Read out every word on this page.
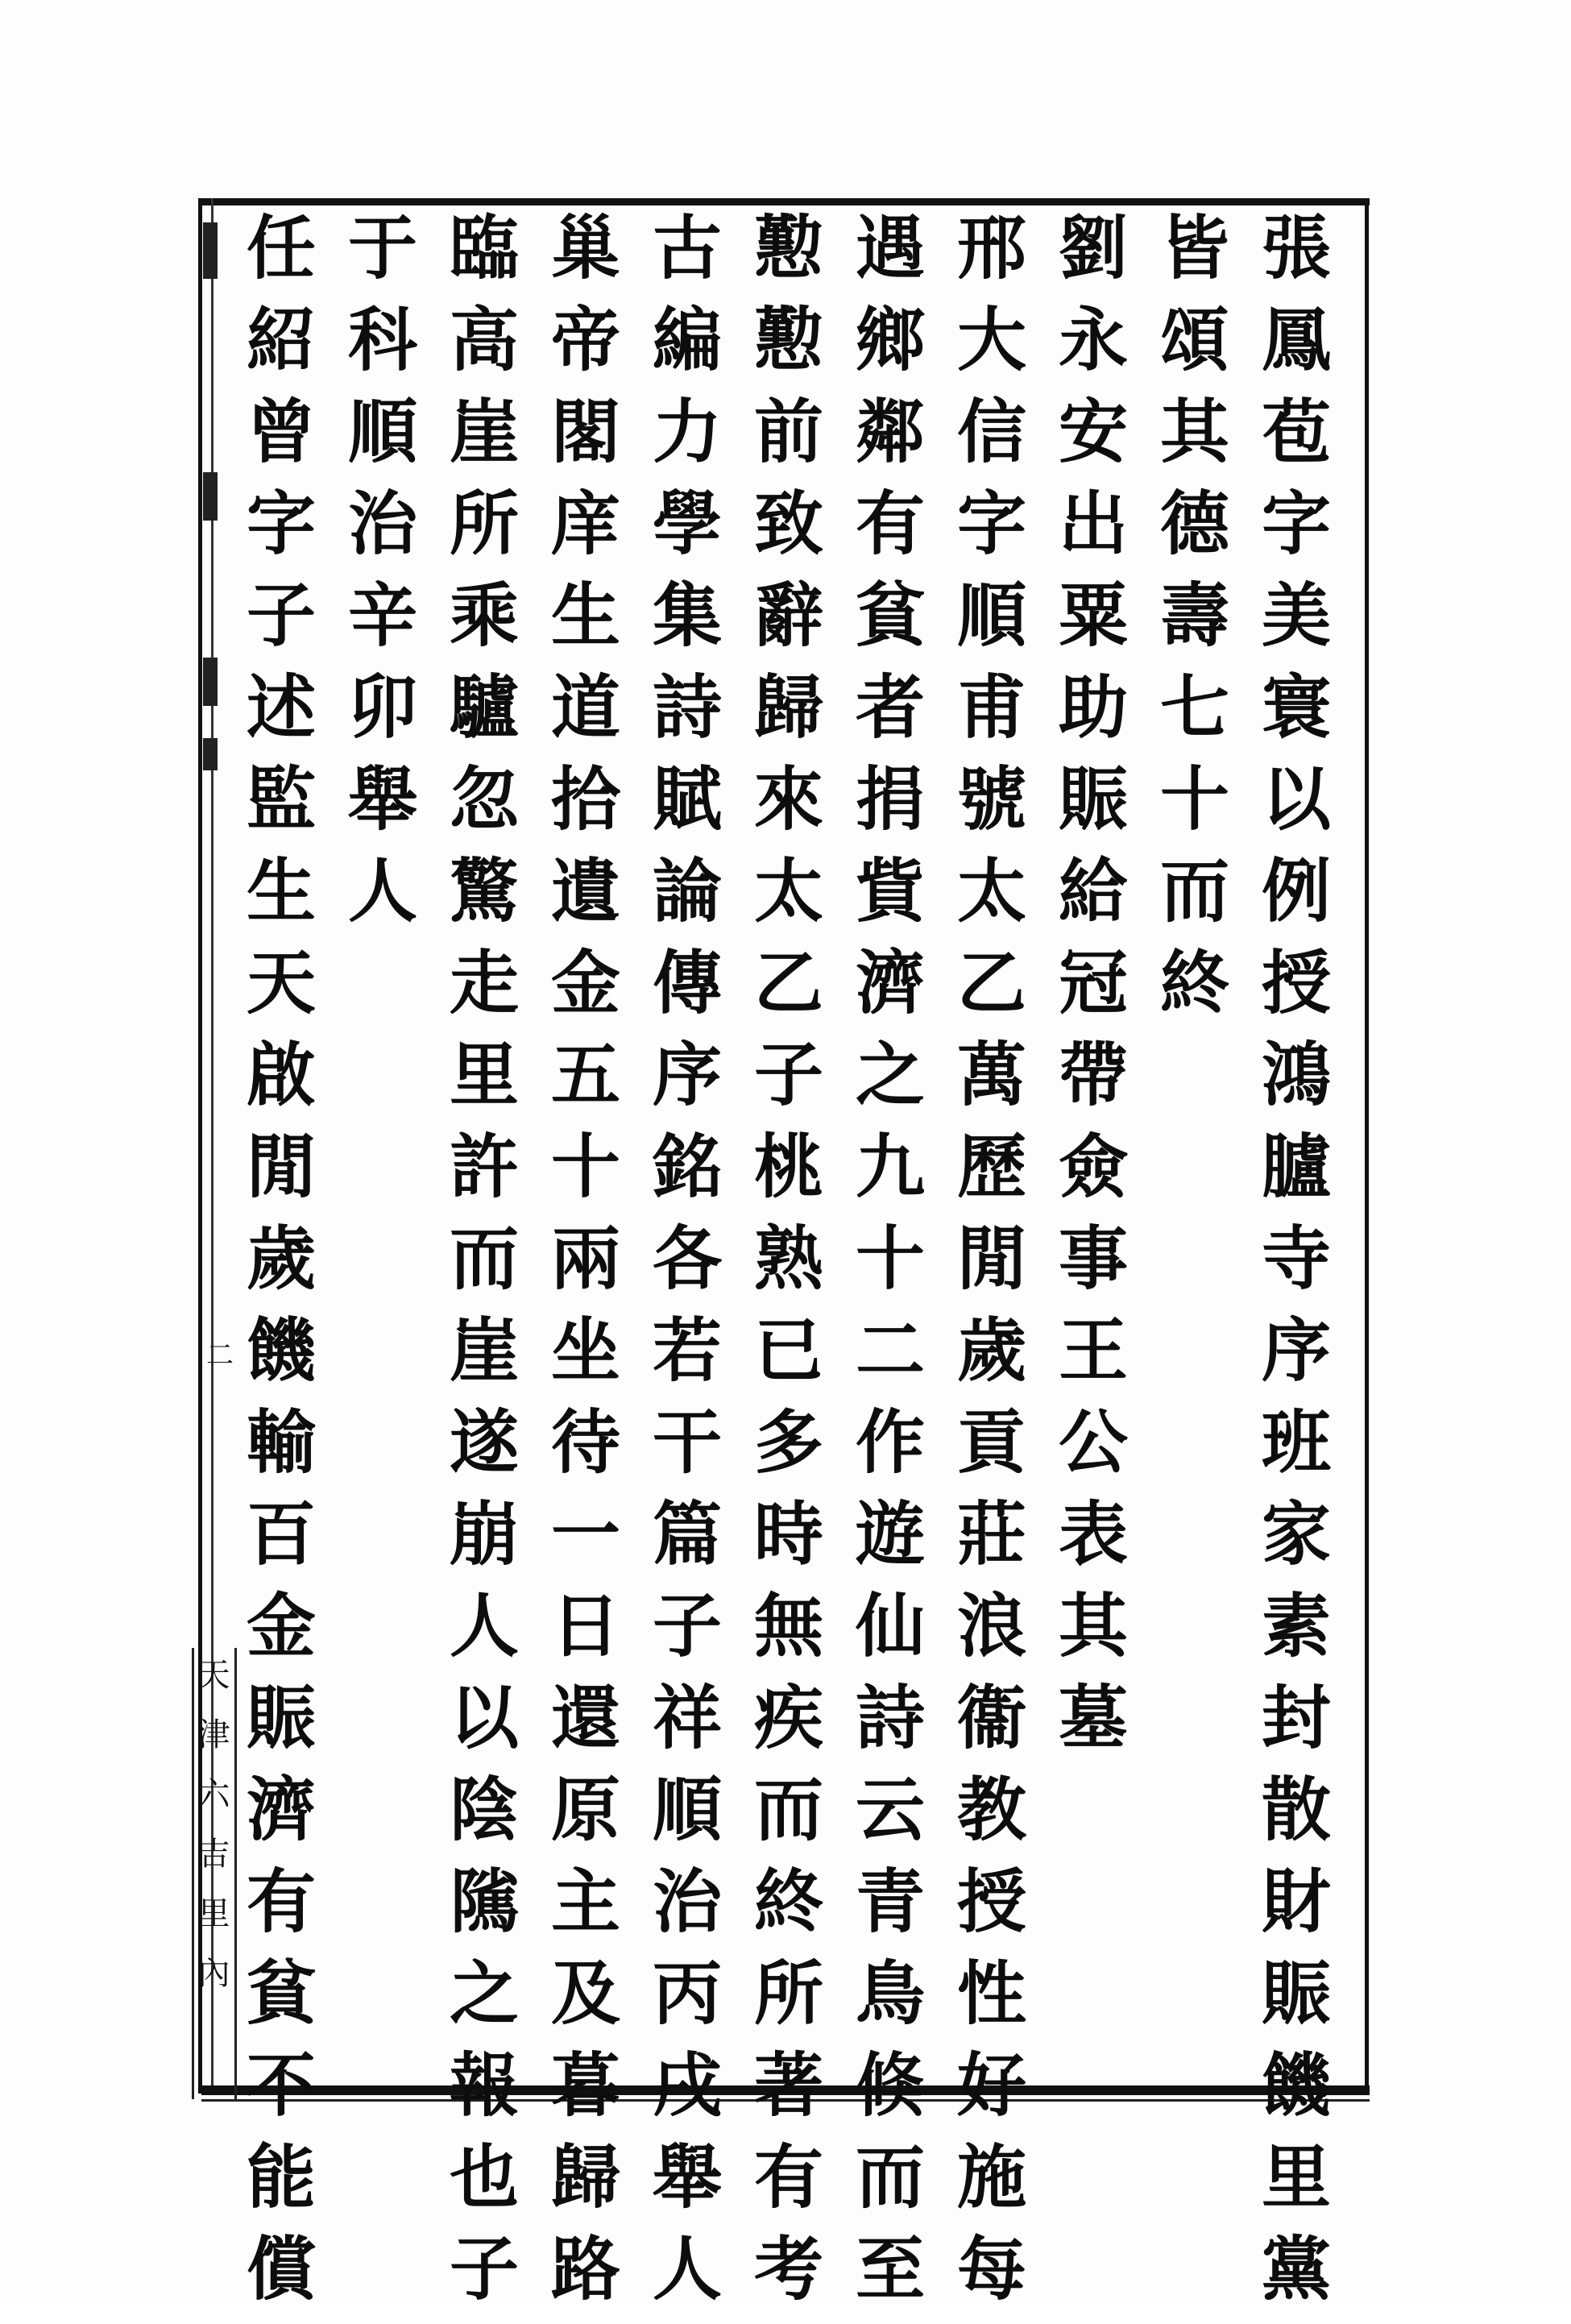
二
天津六吉里內	張鳳苞字美寰以例授鴻臚寺序班家素封散財賑饑里黨
皆頌其德壽七十而終
劉永安出粟助賑給冠帶僉事王公表其墓
邢大信字順甫號太乙萬歷閒歲貢莊浪衞教授性好施每
遇鄉鄰有貧者捐貲濟之九十二作遊仙詩云青鳥倏而至
懃懃前致辭歸來太乙子桃熟已多時無疾而終所著有考
古編力學集詩賦論傳序銘各若干篇子祥順治丙戌舉人
巢帝閣庠生道拾遺金五十兩坐待一日還原主及暮歸路
臨高崖所乘驢忽驚走里許而崖遂崩人以陰隲之報也子
于科順治辛卯舉人
任紹曾字子述監生天啟閒歲饑輸百金賑濟有貧不能償
